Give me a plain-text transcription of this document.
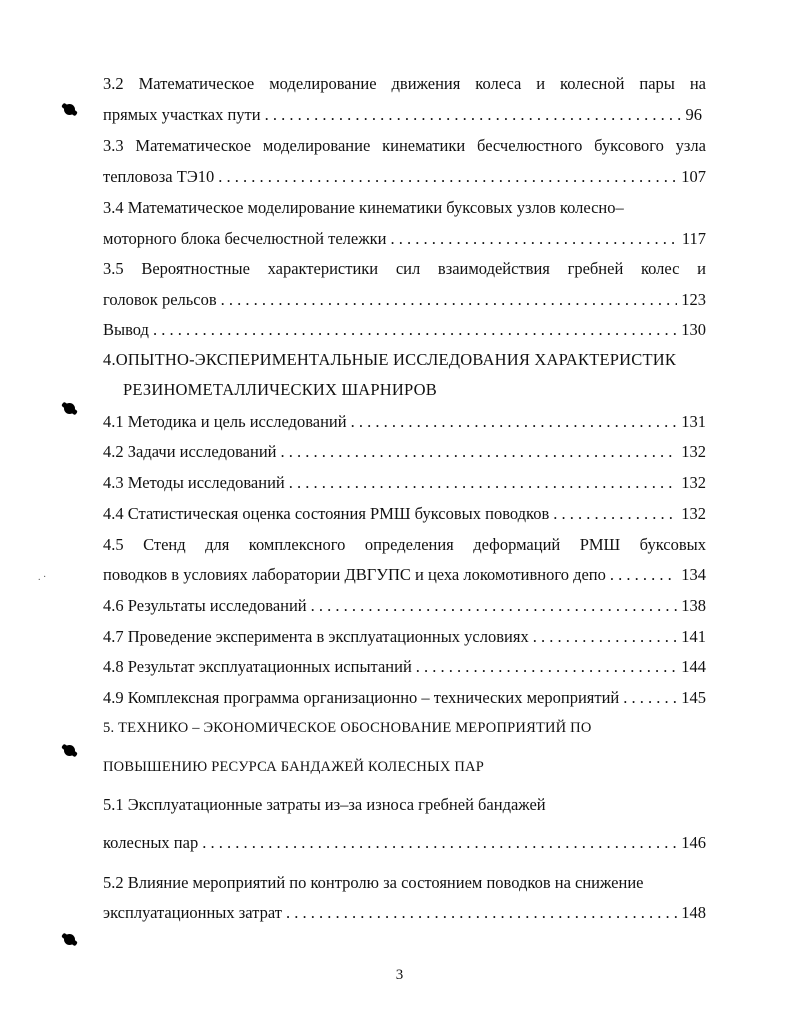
. ·
3.2 Математическое моделирование движения колеса и колесной пары на
прямых участках пути . . .	96
3.3 Математическое моделирование кинематики бесчелюстного буксового узла
тепловоза ТЭ10 . . .	107
3.4 Математическое моделирование кинематики буксовых узлов колесно–
моторного блока бесчелюстной тележки . . .	117
3.5 Вероятностные характеристики сил взаимодействия гребней колес и
головок рельсов . . .	123
Вывод . . .	130
4.ОПЫТНО-ЭКСПЕРИМЕНТАЛЬНЫЕ ИССЛЕДОВАНИЯ ХАРАКТЕРИСТИК
РЕЗИНОМЕТАЛЛИЧЕСКИХ ШАРНИРОВ
4.1 Методика и цель исследований . . .	131
4.2 Задачи исследований . . .	132
4.3 Методы исследований . . .	132
4.4 Статистическая оценка состояния РМШ буксовых поводков . . .	132
4.5 Стенд для комплексного определения деформаций РМШ буксовых
поводков в условиях лаборатории ДВГУПС и цеха локомотивного депо . . .	134
4.6 Результаты исследований . . .	138
4.7 Проведение эксперимента в эксплуатационных условиях . . .	141
4.8 Результат эксплуатационных испытаний . . .	144
4.9 Комплексная программа организационно – технических мероприятий . . .	145
5. ТЕХНИКО – ЭКОНОМИЧЕСКОЕ ОБОСНОВАНИЕ МЕРОПРИЯТИЙ ПО
ПОВЫШЕНИЮ РЕСУРСА БАНДАЖЕЙ КОЛЕСНЫХ ПАР
5.1 Эксплуатационные затраты из–за износа гребней бандажей
колесных пар . . .	146
5.2 Влияние мероприятий по контролю за состоянием поводков на снижение
эксплуатационных затрат . . .	148
3
